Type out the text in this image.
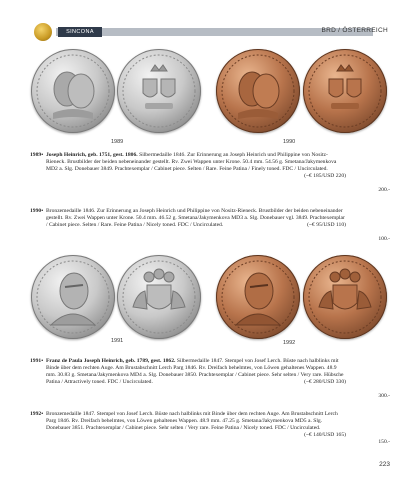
SINCONA	BRD / ÖSTERREICH
1989	1990
1989• Joseph Heinrich, geb. 1751, gest. 1806. Silbermedaille 1846. Zur Erinnerung an Joseph Heinrich und Philippine von Nositz-Rieneck. Brustbilder der beiden nebeneinander gestellt. Rv. Zwei Wappen unter Krone. 50.4 mm. 54.56 g. Smetana/Jakymenkova MD2 a. Slg. Donebauer 3849. Prachtexemplar / Cabinet piece. Selten / Rare. Feine Patina / Finely toned. FDC / Uncirculated.
(~€ 185/USD 220)
200.-
1990• Bronzemedaille 1846. Zur Erinnerung an Joseph Heinrich und Philippine von Nositz-Rieneck. Brustbilder der beiden nebeneinander gestellt. Rv. Zwei Wappen unter Krone. 50.4 mm. 46.52 g. Smetana/Jakymenkova MD3 a. Slg. Donebauer vgl. 3849. Prachtexemplar / Cabinet piece. Selten / Rare. Feine Patina / Nicely toned. FDC / Uncirculated.	(~€ 95/USD 110)
100.-
1991	1992
1991• Franz de Paula Joseph Heinrich, geb. 1789, gest. 1862. Silbermedaille 1847. Stempel von Josef Lerch. Büste nach halblinks mit Binde über dem rechten Auge. Am Brustabschnitt Lerch Parg 1846. Rv. Dreifach behelmtes, von Löwen gehaltenes Wappen. 48.9 mm. 30.83 g. Smetana/Jakymenkova MD4 a. Slg. Donebauer 3850. Prachtexemplar / Cabinet piece. Sehr selten / Very rare. Hübsche Patina / Attractively toned. FDC / Uncirculated.	(~€ 280/USD 330)
300.-
1992• Bronzemedaille 1847. Stempel von Josef Lerch. Büste nach halblinks mit Binde über dem rechten Auge. Am Brustabschnitt Lerch Parg 1846. Rv. Dreifach behelmtes, von Löwen gehaltenes Wappen. 48.9 mm. 47.25 g. Smetana/Jakymenkova MD5 a. Slg. Donebauer 3851. Prachtexemplar / Cabinet piece. Sehr selten / Very rare. Feine Patina / Nicely toned. FDC / Uncirculated.
(~€ 140/USD 165)
150.-
223
